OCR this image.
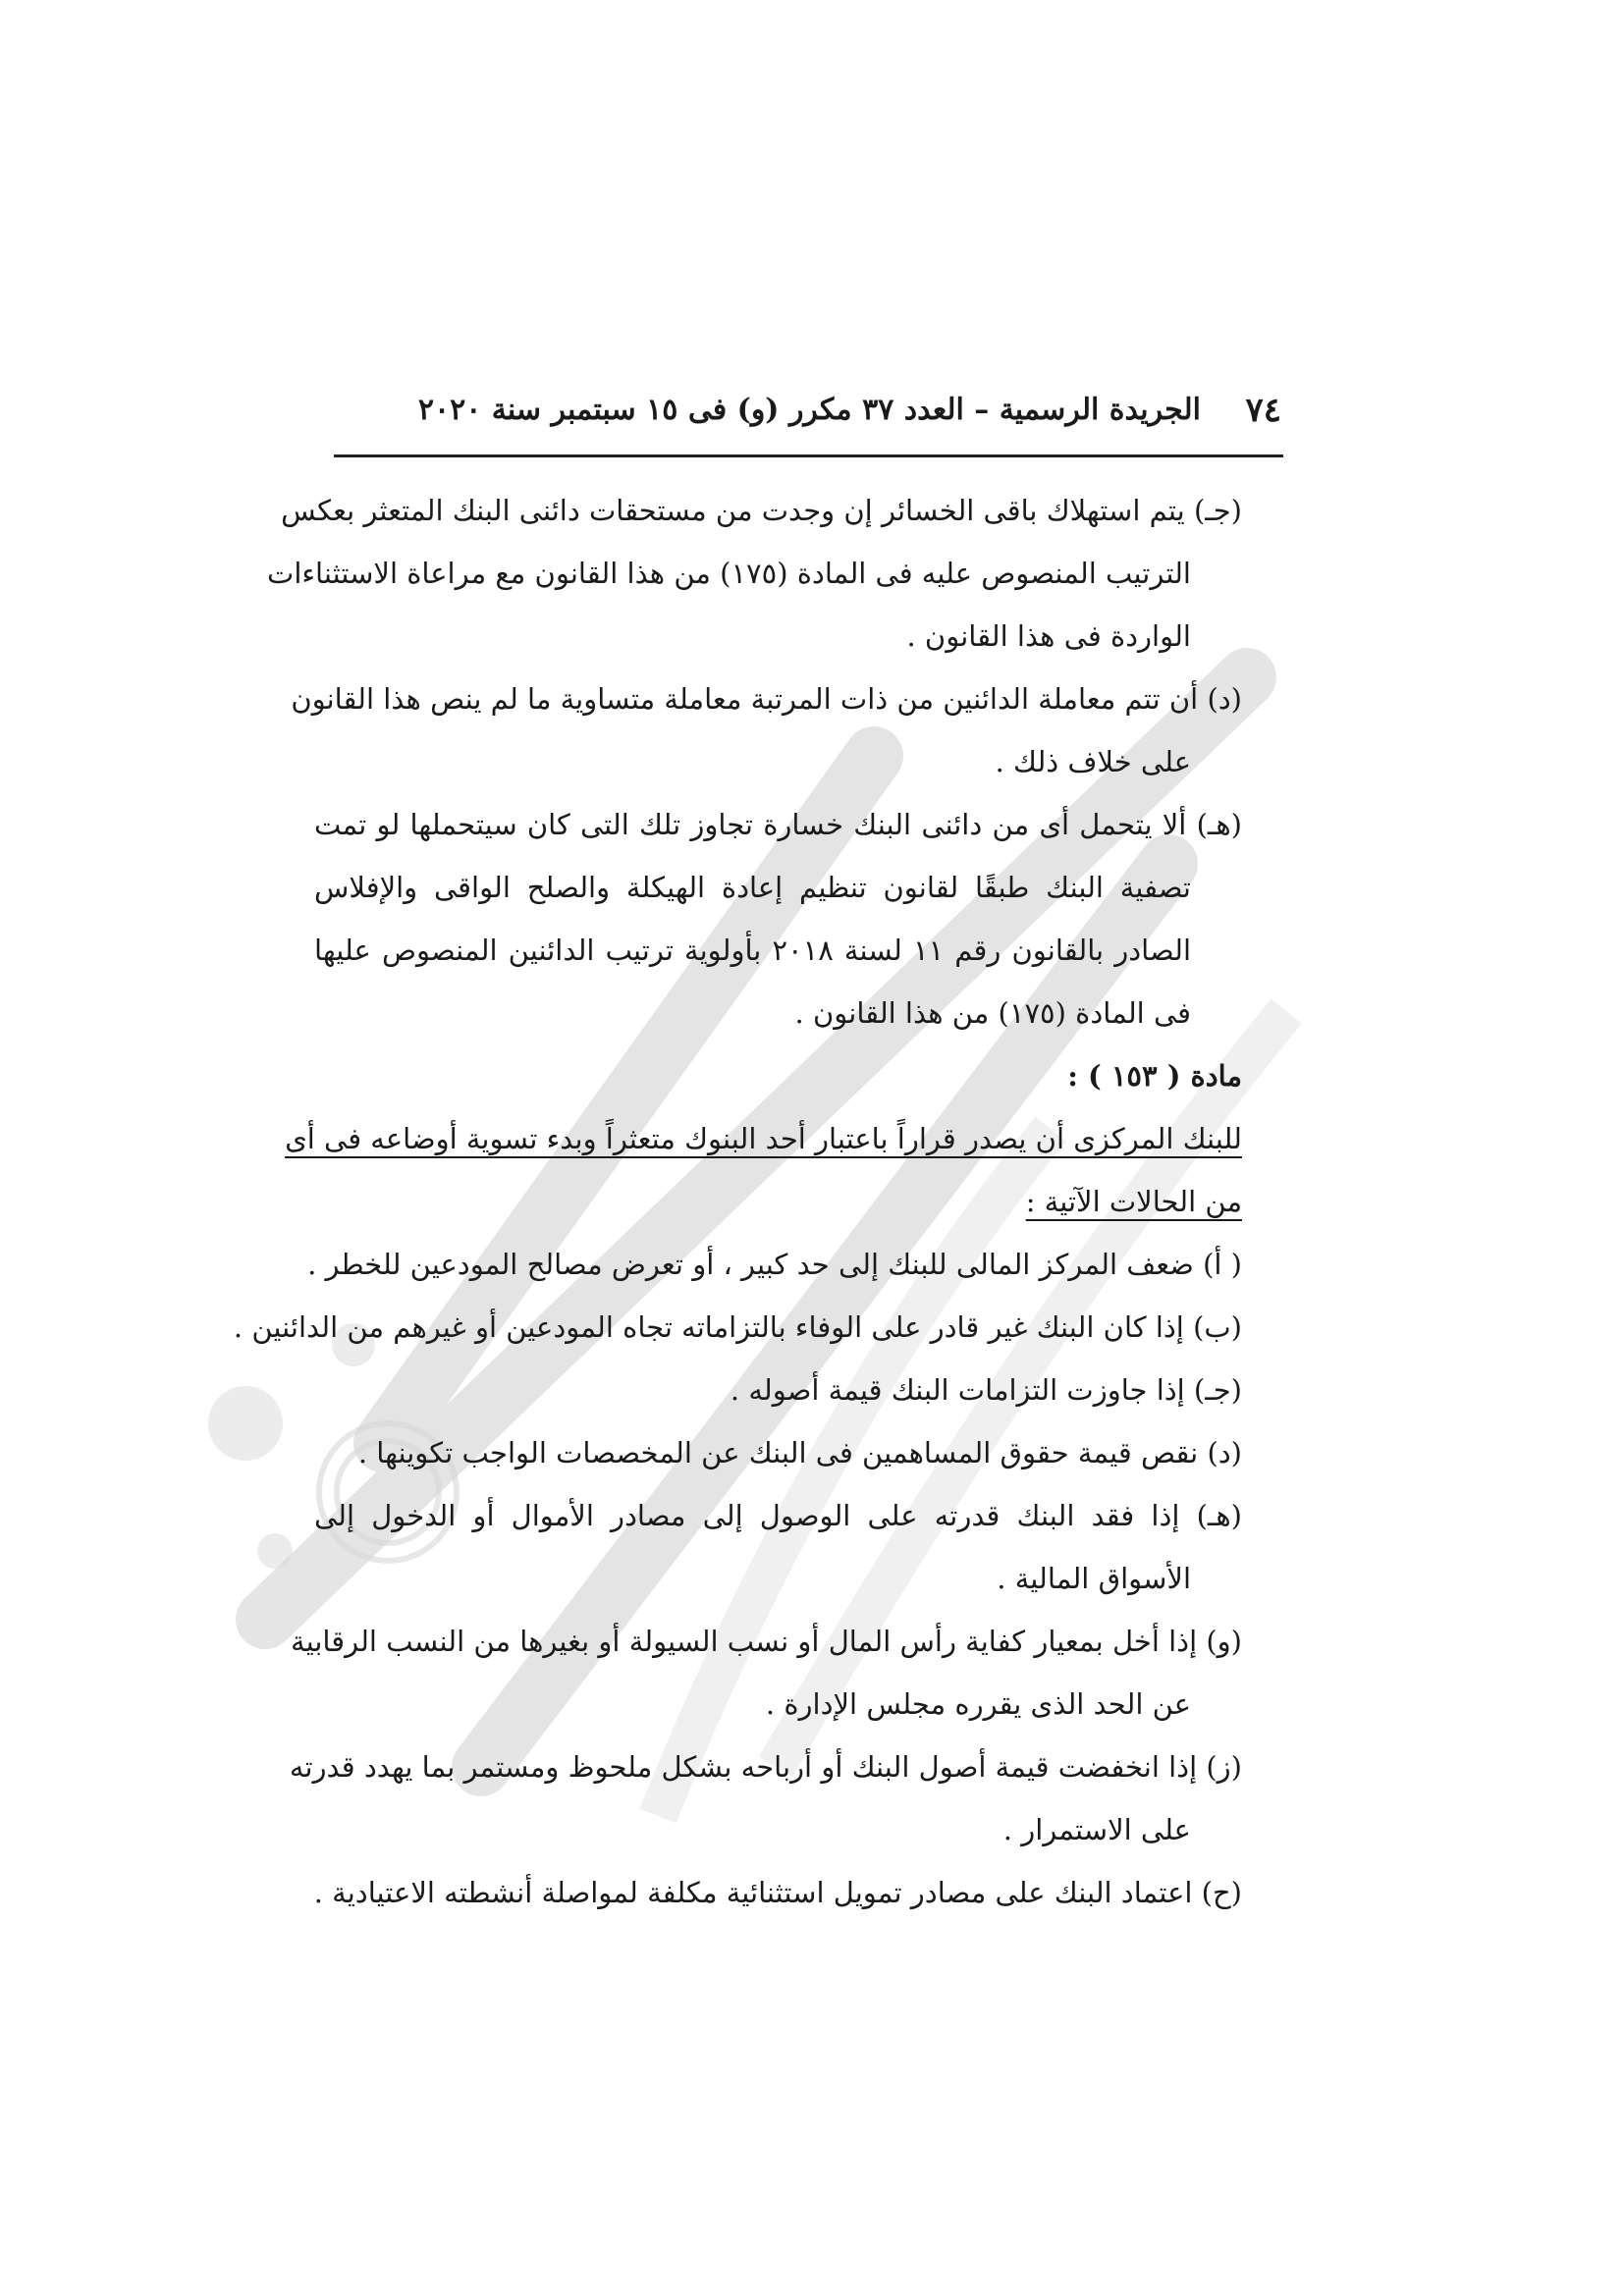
٧٤
الجريدة الرسمية – العدد ٣٧ مكرر (و) فى ١٥ سبتمبر سنة ٢٠٢٠
(جـ) يتم استهلاك باقى الخسائر إن وجدت من مستحقات دائنى البنك المتعثر بعكس
الترتيب المنصوص عليه فى المادة (١٧٥) من هذا القانون مع مراعاة الاستثناءات
الواردة فى هذا القانون .
(د) أن تتم معاملة الدائنين من ذات المرتبة معاملة متساوية ما لم ينص هذا القانون
على خلاف ذلك .
(هـ) ألا يتحمل أى من دائنى البنك خسارة تجاوز تلك التى كان سيتحملها لو تمت
تصفية البنك طبقًا لقانون تنظيم إعادة الهيكلة والصلح الواقى والإفلاس
الصادر بالقانون رقم ١١ لسنة ٢٠١٨ بأولوية ترتيب الدائنين المنصوص عليها
فى المادة (١٧٥) من هذا القانون .
مادة ( ١٥٣ ) :
للبنك المركزى أن يصدر قراراً باعتبار أحد البنوك متعثراً وبدء تسوية أوضاعه فى أى
من الحالات الآتية :
( أ) ضعف المركز المالى للبنك إلى حد كبير ، أو تعرض مصالح المودعين للخطر .
(ب) إذا كان البنك غير قادر على الوفاء بالتزاماته تجاه المودعين أو غيرهم من الدائنين .
(جـ) إذا جاوزت التزامات البنك قيمة أصوله .
(د) نقص قيمة حقوق المساهمين فى البنك عن المخصصات الواجب تكوينها .
(هـ) إذا فقد البنك قدرته على الوصول إلى مصادر الأموال أو الدخول إلى
الأسواق المالية .
(و) إذا أخل بمعيار كفاية رأس المال أو نسب السيولة أو بغيرها من النسب الرقابية
عن الحد الذى يقرره مجلس الإدارة .
(ز) إذا انخفضت قيمة أصول البنك أو أرباحه بشكل ملحوظ ومستمر بما يهدد قدرته
على الاستمرار .
(ح) اعتماد البنك على مصادر تمويل استثنائية مكلفة لمواصلة أنشطته الاعتيادية .
